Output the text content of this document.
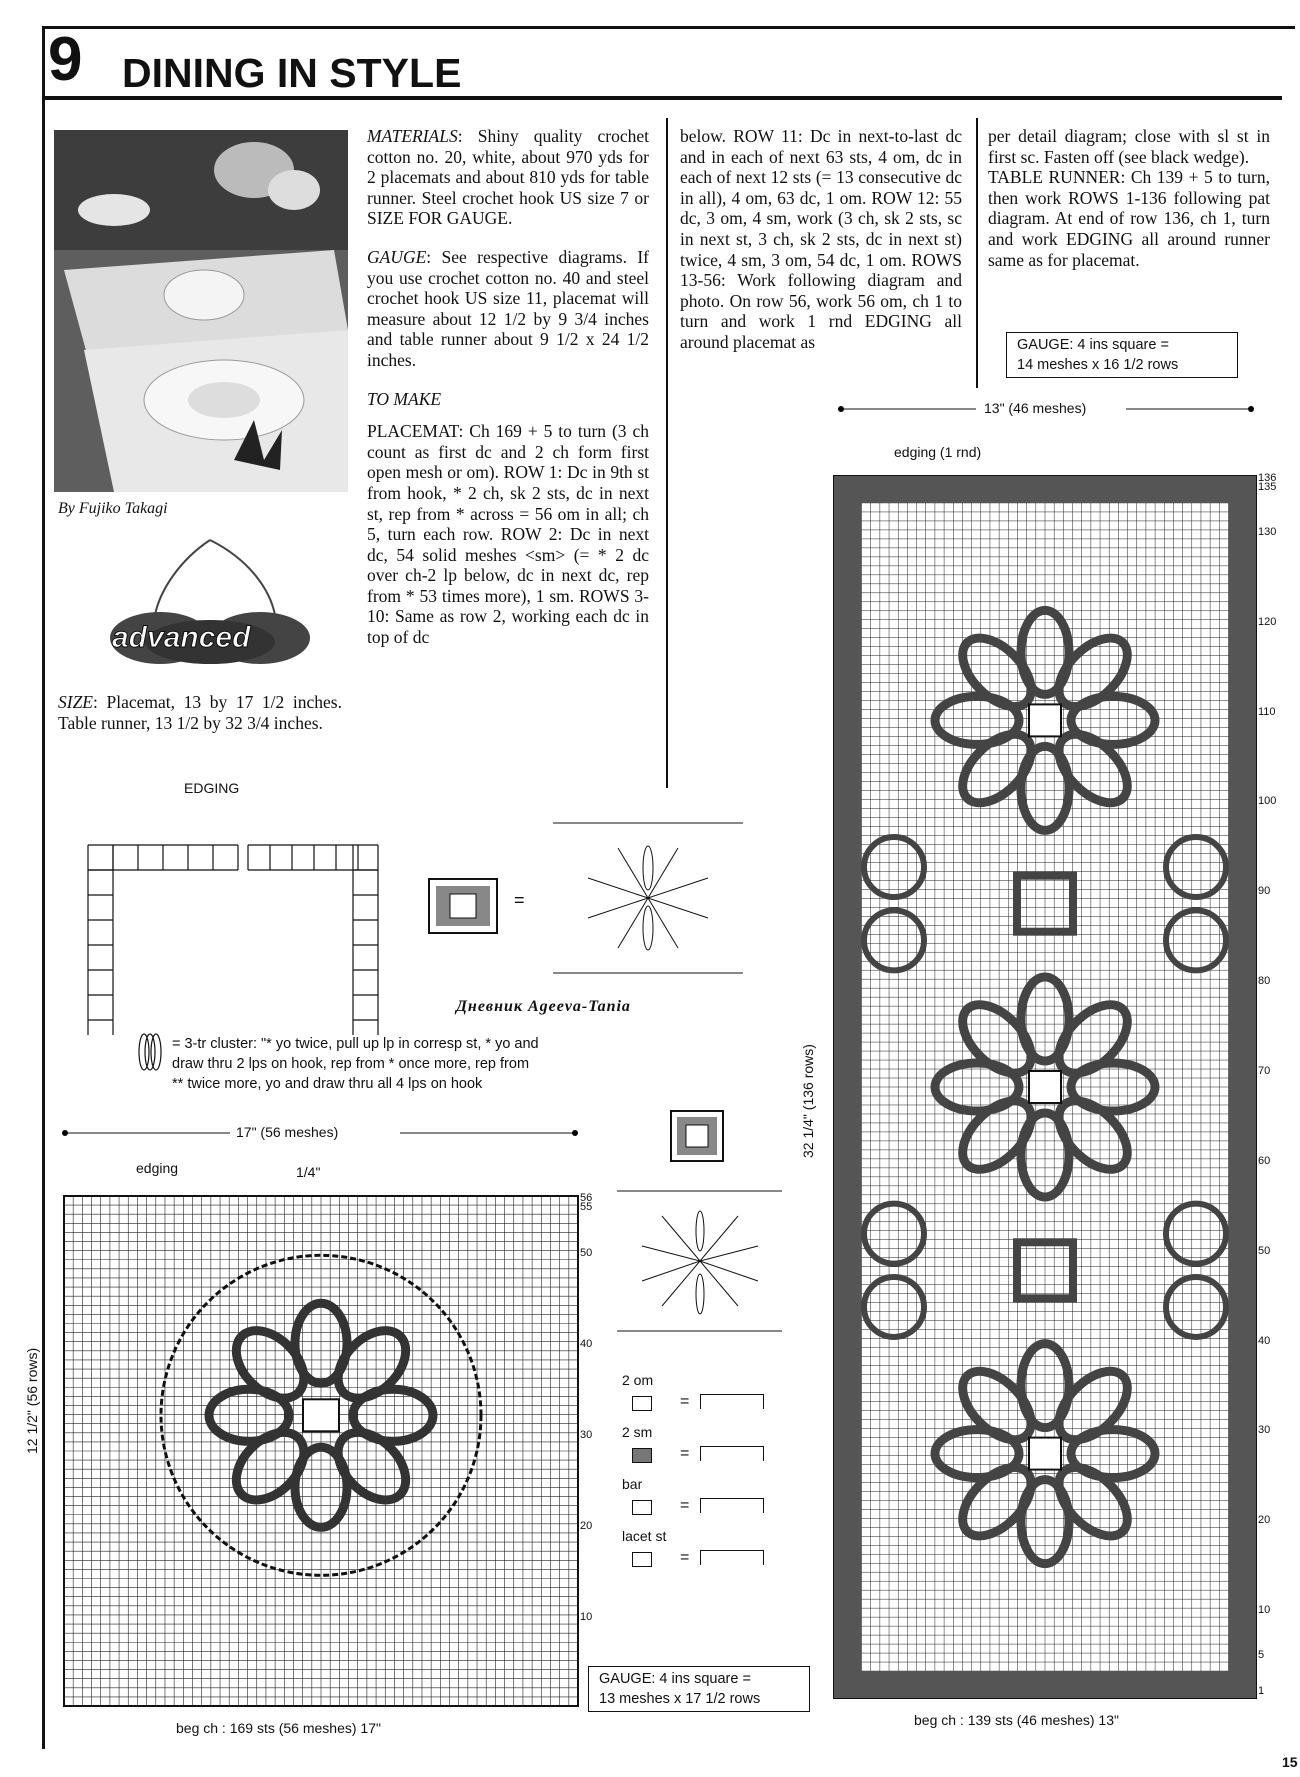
9 DINING IN STYLE
By Fujiko Takagi
advanced
SIZE: Placemat, 13 by 17 1/2 inches. Table runner, 13 1/2 by 32 3/4 inches.

MATERIALS: Shiny quality crochet cotton no. 20, white, about 970 yds for 2 placemats and about 810 yds for table runner. Steel crochet hook US size 7 or SIZE FOR GAUGE.

GAUGE: See respective diagrams. If you use crochet cotton no. 40 and steel crochet hook US size 11, placemat will measure about 12 1/2 by 9 3/4 inches and table runner about 9 1/2 x 24 1/2 inches.

TO MAKE

PLACEMAT: Ch 169 + 5 to turn (3 ch count as first dc and 2 ch form first open mesh or om). ROW 1: Dc in 9th st from hook, * 2 ch, sk 2 sts, dc in next st, rep from * across = 56 om in all; ch 5, turn each row. ROW 2: Dc in next dc, 54 solid meshes <sm> (= * 2 dc over ch-2 lp below, dc in next dc, rep from * 53 times more), 1 sm. ROWS 3-10: Same as row 2, working each dc in top of dc

below. ROW 11: Dc in next-to-last dc and in each of next 63 sts, 4 om, dc in each of next 12 sts (= 13 consecutive dc in all), 4 om, 63 dc, 1 om. ROW 12: 55 dc, 3 om, 4 sm, work (3 ch, sk 2 sts, sc in next st, 3 ch, sk 2 sts, dc in next st) twice, 4 sm, 3 om, 54 dc, 1 om. ROWS 13-56: Work following diagram and photo. On row 56, work 56 om, ch 1 to turn and work 1 rnd EDGING all around placemat as

per detail diagram; close with sl st in first sc. Fasten off (see black wedge).

TABLE RUNNER: Ch 139 + 5 to turn, then work ROWS 1-136 following pat diagram. At end of row 136, ch 1, turn and work EDGING all around runner same as for placemat.

GAUGE: 4 ins square =
14 meshes x 16 1/2 rows
EDGING
=
= 3-tr cluster: "* yo twice, pull up lp in corresp st, * yo and
draw thru 2 lps on hook, rep from * once more, rep from
** twice more, yo and draw thru all 4 lps on hook
Дневник Agееva-Tania
17" (56 meshes)
edging	1/4"
12 1/2" (56 rows)
56
55
50
40
30
20
10
beg ch : 169 sts (56 meshes) 17"
GAUGE: 4 ins square =
13 meshes x 17 1/2 rows
2 om
=
2 sm
=
bar
=
lacet st
=
13" (46 meshes)
edging (1 rnd)
32 1/4" (136 rows)
136
135
130
120
110
100
90
80
70
60
50
40
30
20
10
5
1
beg ch : 139 sts (46 meshes) 13"
15
